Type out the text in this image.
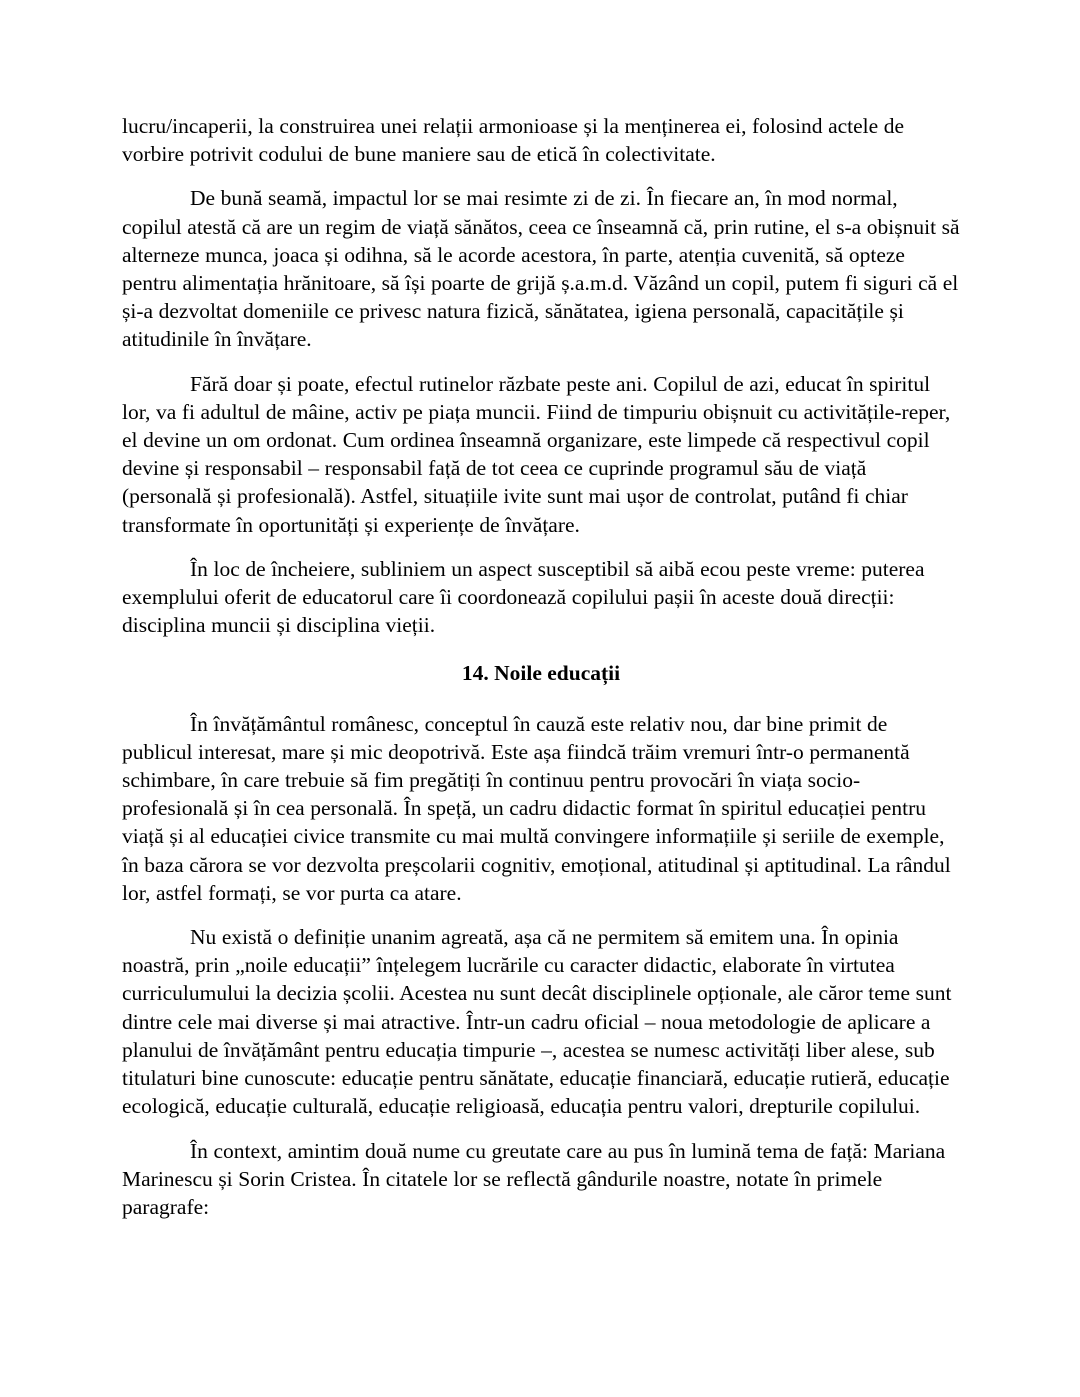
lucru/incaperii, la construirea unei relații armonioase și la menținerea ei, folosind actele de vorbire potrivit codului de bune maniere sau de etică în colectivitate.

De bună seamă, impactul lor se mai resimte zi de zi. În fiecare an, în mod normal, copilul atestă că are un regim de viață sănătos, ceea ce înseamnă că, prin rutine, el s-a obișnuit să alterneze munca, joaca și odihna, să le acorde acestora, în parte, atenția cuvenită, să opteze pentru alimentația hrănitoare, să își poarte de grijă ș.a.m.d. Văzând un copil, putem fi siguri că el și-a dezvoltat domeniile ce privesc natura fizică, sănătatea, igiena personală, capacitățile și atitudinile în învățare.

Fără doar și poate, efectul rutinelor răzbate peste ani. Copilul de azi, educat în spiritul lor, va fi adultul de mâine, activ pe piața muncii. Fiind de timpuriu obișnuit cu activitățile-reper, el devine un om ordonat. Cum ordinea înseamnă organizare, este limpede că respectivul copil devine și responsabil – responsabil față de tot ceea ce cuprinde programul său de viață (personală și profesională). Astfel, situațiile ivite sunt mai ușor de controlat, putând fi chiar transformate în oportunități și experiențe de învățare.

În loc de încheiere, subliniem un aspect susceptibil să aibă ecou peste vreme: puterea exemplului oferit de educatorul care îi coordonează copilului pașii în aceste două direcții: disciplina muncii și disciplina vieții.

14. Noile educații

În învățământul românesc, conceptul în cauză este relativ nou, dar bine primit de publicul interesat, mare și mic deopotrivă. Este așa fiindcă trăim vremuri într-o permanentă schimbare, în care trebuie să fim pregătiți în continuu pentru provocări în viața socio-profesională și în cea personală. În speță, un cadru didactic format în spiritul educației pentru viață și al educației civice transmite cu mai multă convingere informațiile și seriile de exemple, în baza cărora se vor dezvolta preșcolarii cognitiv, emoțional, atitudinal și aptitudinal. La rândul lor, astfel formați, se vor purta ca atare.

Nu există o definiție unanim agreată, așa că ne permitem să emitem una. În opinia noastră, prin „noile educații” înțelegem lucrările cu caracter didactic, elaborate în virtutea curriculumului la decizia școlii. Acestea nu sunt decât disciplinele opționale, ale căror teme sunt dintre cele mai diverse și mai atractive. Într-un cadru oficial – noua metodologie de aplicare a planului de învățământ pentru educația timpurie –, acestea se numesc activități liber alese, sub titulaturi bine cunoscute: educație pentru sănătate, educație financiară, educație rutieră, educație ecologică, educație culturală, educație religioasă, educația pentru valori, drepturile copilului.

În context, amintim două nume cu greutate care au pus în lumină tema de față: Mariana Marinescu și Sorin Cristea. În citatele lor se reflectă gândurile noastre, notate în primele paragrafe:
